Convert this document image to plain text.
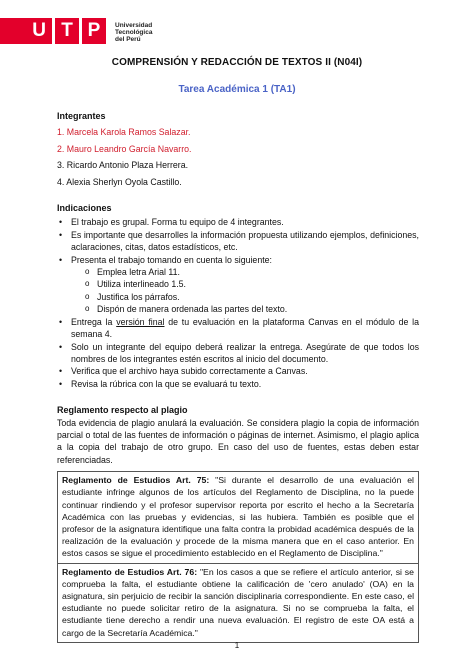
U T P	Universidad
Tecnológica
del Perú
COMPRENSIÓN Y REDACCIÓN DE TEXTOS II (N04I)
Tarea Académica 1 (TA1)

Integrantes

1. Marcela Karola Ramos Salazar.

2. Mauro Leandro García Navarro.

3. Ricardo Antonio Plaza Herrera.

4. Alexia Sherlyn Oyola Castillo.

Indicaciones

• El trabajo es grupal. Forma tu equipo de 4 integrantes.
• Es importante que desarrolles la información propuesta utilizando ejemplos, definiciones, aclaraciones, citas, datos estadísticos, etc.
• Presenta el trabajo tomando en cuenta lo siguiente:
o Emplea letra Arial 11.
o Utiliza interlineado 1.5.
o Justifica los párrafos.
o Dispón de manera ordenada las partes del texto.
• Entrega la versión final de tu evaluación en la plataforma Canvas en el módulo de la semana 4.
• Solo un integrante del equipo deberá realizar la entrega. Asegúrate de que todos los nombres de los integrantes estén escritos al inicio del documento.
• Verifica que el archivo haya subido correctamente a Canvas.
• Revisa la rúbrica con la que se evaluará tu texto.

Reglamento respecto al plagio

Toda evidencia de plagio anulará la evaluación. Se considera plagio la copia de información parcial o total de las fuentes de información o páginas de internet. Asimismo, el plagio aplica a la copia del trabajo de otro grupo. En caso del uso de fuentes, estas deben estar referenciadas.

Reglamento de Estudios Art. 75: "Si durante el desarrollo de una evaluación el estudiante infringe algunos de los artículos del Reglamento de Disciplina, no la puede continuar rindiendo y el profesor supervisor reporta por escrito el hecho a la Secretaría Académica con las pruebas y evidencias, si las hubiera. También es posible que el profesor de la asignatura identifique una falta contra la probidad académica después de la realización de la evaluación y procede de la misma manera que en el caso anterior. En estos casos se sigue el procedimiento establecido en el Reglamento de Disciplina."
Reglamento de Estudios Art. 76: "En los casos a que se refiere el artículo anterior, si se comprueba la falta, el estudiante obtiene la calificación de 'cero anulado' (OA) en la asignatura, sin perjuicio de recibir la sanción disciplinaria correspondiente. En este caso, el estudiante no puede solicitar retiro de la asignatura. Si no se comprueba la falta, el estudiante tiene derecho a rendir una nueva evaluación. El registro de este OA está a cargo de la Secretaría Académica."
1
